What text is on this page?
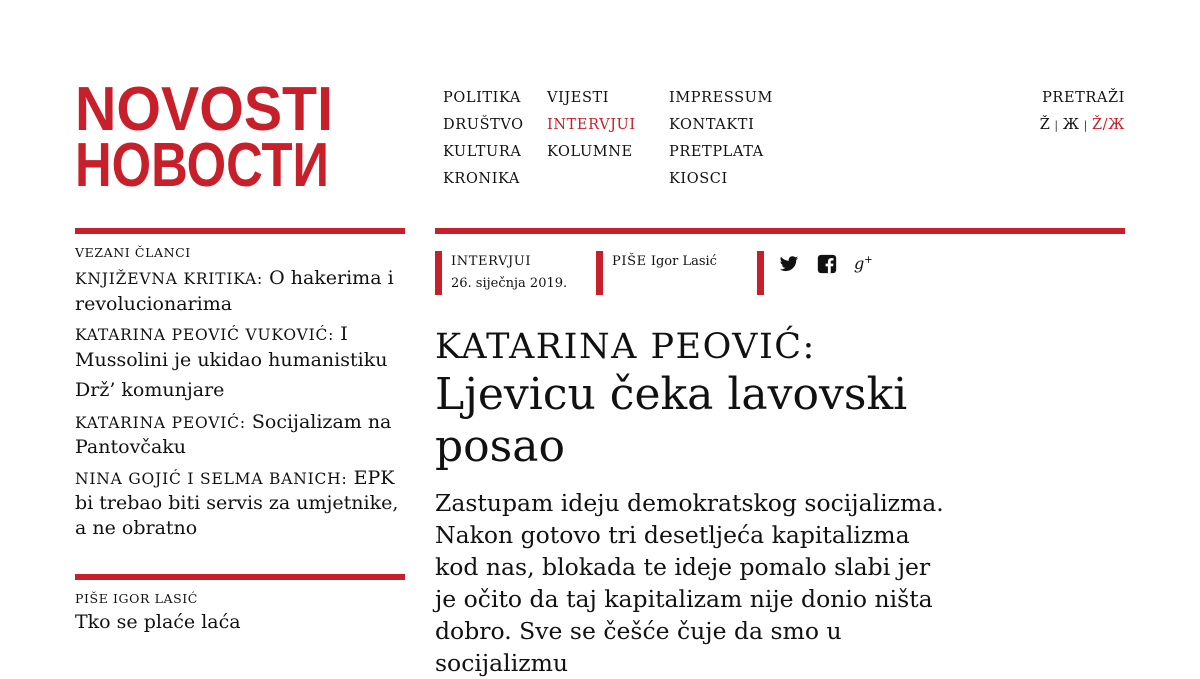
NOVOSTI
НОВОСТИ
POLITIKA
DRUŠTVO
KULTURA
KRONIKA
VIJESTI
INTERVJUI
KOLUMNE
IMPRESSUM
KONTAKTI
PRETPLATA
KIOSCI
PRETRAŽI
Ž | Ж | Ž/Ж
VEZANI ČLANCI
KNJIŽEVNA KRITIKA: O hakerima i revolucionarima
KATARINA PEOVIĆ VUKOVIĆ: I Mussolini je ukidao humanistiku
Drž’ komunjare
KATARINA PEOVIĆ: Socijalizam na Pantovčaku
NINA GOJIĆ I SELMA BANICH: EPK bi trebao biti servis za umjetnike, a ne obratno
PIŠE IGOR LASIĆ
Tko se plaće laća
INTERVJUI
26. siječnja 2019.
PIŠE Igor Lasić	g +
KATARINA PEOVIĆ:
Ljevicu čeka lavovski posao
Zastupam ideju demokratskog socijalizma. Nakon gotovo tri desetljeća kapitalizma kod nas, blokada te ideje pomalo slabi jer je očito da taj kapitalizam nije donio ništa dobro. Sve se češće čuje da smo u socijalizmu
